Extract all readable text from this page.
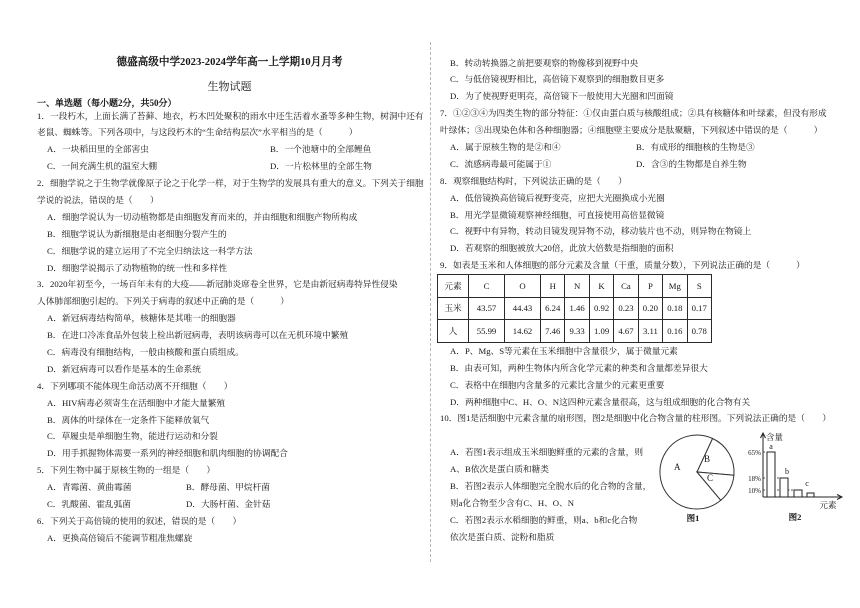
德盛高级中学2023-2024学年高一上学期10月月考
生物试题
一、单选题（每小题2分，共50分）
1．一段朽木，上面长满了苔藓、地衣，朽木凹处聚积的雨水中还生活着水蚤等多种生物，树洞中还有
老鼠、蜘蛛等。下列各项中，与这段朽木的“生命结构层次”水平相当的是（　　　）
A．一块稻田里的全部害虫	B．一个池塘中的全部鲤鱼
C．一间充满生机的温室大棚	D．一片松林里的全部生物
2．细胞学说之于生物学就像原子论之于化学一样，对于生物学的发展具有重大的意义。下列关于细胞
学说的说法，错误的是（　　）
A．细胞学说认为一切动植物都是由细胞发育而来的，并由细胞和细胞产物所构成
B．细胞学说认为新细胞是由老细胞分裂产生的
C．细胞学说的建立运用了不完全归纳法这一科学方法
D．细胞学说揭示了动物植物的统一性和多样性
3．2020年初至今，一场百年未有的大疫——新冠肺炎席卷全世界，它是由新冠病毒特异性侵染
人体肺部细胞引起的。下列关于病毒的叙述中正确的是（　　　）
A．新冠病毒结构简单，核糖体是其唯一的细胞器
B．在进口冷冻食品外包装上检出新冠病毒，表明该病毒可以在无机环境中繁殖
C．病毒没有细胞结构，一般由核酸和蛋白质组成。
D．新冠病毒可以看作是基本的生命系统
4．下列哪项不能体现生命活动离不开细胞（　　）
A．HIV病毒必须寄生在活细胞中才能大量繁殖
B．离体的叶绿体在一定条件下能释放氧气
C．草履虫是单细胞生物，能进行运动和分裂
D．用手抓握物体需要一系列的神经细胞和肌肉细胞的协调配合
5．下列生物中属于原核生物的一组是（　　）
A．青霉菌、黄曲霉菌	B．酵母菌、甲烷杆菌
C．乳酸菌、霍乱弧菌	D．大肠杆菌、金针菇
6．下列关于高倍镜的使用的叙述，错误的是（　　）
A．更换高倍镜后不能调节粗准焦螺旋
B．转动转换器之前把要观察的物像移到视野中央
C．与低倍镜视野相比，高倍镜下观察到的细胞数目更多
D．为了使视野更明亮，高倍镜下一般使用大光圈和凹面镜
7．①②③④为四类生物的部分特征：①仅由蛋白质与核酸组成；②具有核糖体和叶绿素，但没有形成
叶绿体；③出现染色体和各种细胞器；④细胞壁主要成分是肽聚糖，下列叙述中错误的是（　　　）
A．属于原核生物的是②和④	B．有成形的细胞核的生物是③
C．流感病毒最可能属于①	D．含③的生物都是自养生物
8．观察细胞结构时，下列说法正确的是（　　）
A．低倍镜换高倍镜后视野变亮，应把大光圈换成小光圈
B．用光学显微镜观察神经细胞，可直接使用高倍显微镜
C．视野中有异物，转动目镜发现异物不动，移动装片也不动，则异物在物镜上
D．若观察的细胞被放大20倍，此放大倍数是指细胞的面积
9．如表是玉米和人体细胞的部分元素及含量（干重，质量分数），下列说法正确的是（　　　）
元素	C	O	H	N	K	Ca	P	Mg	S
玉米	43.57	44.43	6.24	1.46	0.92	0.23	0.20	0.18	0.17
人	55.99	14.62	7.46	9.33	1.09	4.67	3.11	0.16	0.78
A．P、Mg、S等元素在玉米细胞中含量很少，属于微量元素
B．由表可知，两种生物体内所含化学元素的种类和含量都差异很大
C．表格中在细胞内含量多的元素比含量少的元素更重要
D．两种细胞中C、H、O、N这四种元素含量很高，这与组成细胞的化合物有关
10．图1是活细胞中元素含量的扇形图，图2是细胞中化合物含量的柱形图。下列说法正确的是（　　）
A．若图1表示组成玉米细胞鲜重的元素的含量，则
A、B依次是蛋白质和糖类
B．若图2表示人体细胞完全脱水后的化合物的含量，
则a化合物至少含有C、H、O、N
C．若图2表示水稻细胞的鲜重，则a、b和c化合物
依次是蛋白质、淀粉和脂质
A
B
C
图1
含量
65%
18%
10%
a
b
c
元素
图2
